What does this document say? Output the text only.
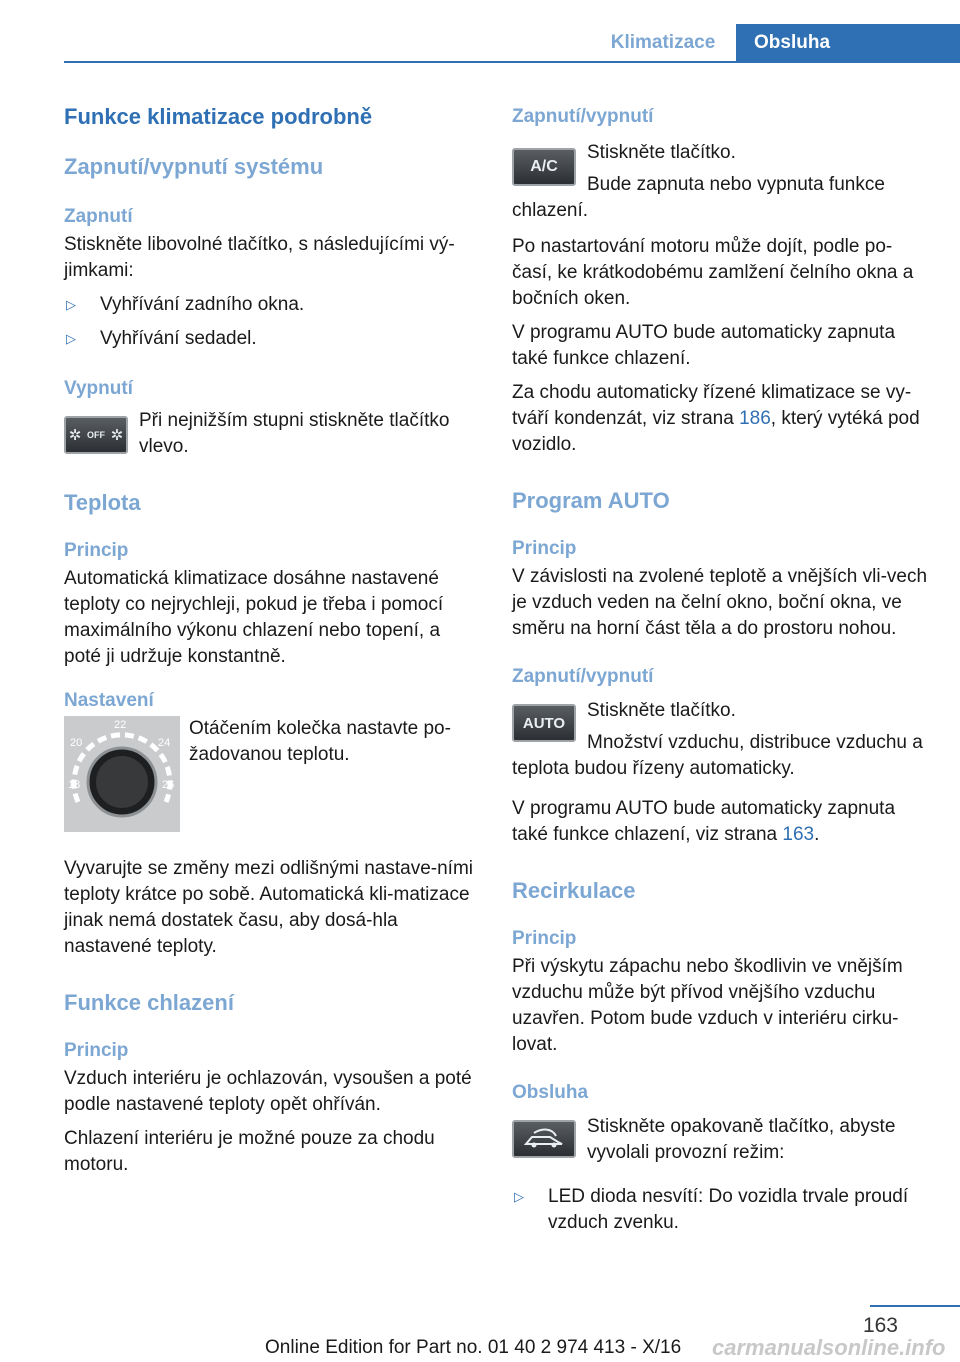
Klimatizace	Obsluha
Funkce klimatizace podrobně
Zapnutí/vypnutí systému
Zapnutí

Stiskněte libovolné tlačítko, s následujícími vý-jimkami:

▷	Vyhřívání zadního okna.
▷	Vyhřívání sedadel.
Vypnutí
✲ OFF ✲

Při nejnižším stupni stiskněte tlačítko vlevo.

Teplota
Princip

Automatická klimatizace dosáhne nastavené teploty co nejrychleji, pokud je třeba i pomocí maximálního výkonu chlazení nebo topení, a poté ji udržuje konstantně.

Nastavení
18
20
22
24
26

Otáčením kolečka nastavte po-žadovanou teplotu.

Vyvarujte se změny mezi odlišnými nastave-ními teploty krátce po sobě. Automatická kli-matizace jinak nemá dostatek času, aby dosá-hla nastavené teploty.

Funkce chlazení
Princip

Vzduch interiéru je ochlazován, vysoušen a poté podle nastavené teploty opět ohříván.

Chlazení interiéru je možné pouze za chodu motoru.

Zapnutí/vypnutí
A/C

Stiskněte tlačítko.

Bude zapnuta nebo vypnuta funkce chlazení.

Po nastartování motoru může dojít, podle po-časí, ke krátkodobému zamlžení čelního okna a bočních oken.

V programu AUTO bude automaticky zapnuta také funkce chlazení.

Za chodu automaticky řízené klimatizace se vy-tváří kondenzát, viz strana 186, který vytéká pod vozidlo.

Program AUTO
Princip

V závislosti na zvolené teplotě a vnějších vli-vech je vzduch veden na čelní okno, boční okna, ve směru na horní část těla a do prostoru nohou.

Zapnutí/vypnutí
AUTO

Stiskněte tlačítko.

Množství vzduchu, distribuce vzduchu a teplota budou řízeny automaticky.

V programu AUTO bude automaticky zapnuta také funkce chlazení, viz strana 163.

Recirkulace
Princip

Při výskytu zápachu nebo škodlivin ve vnějším vzduchu může být přívod vnějšího vzduchu uzavřen. Potom bude vzduch v interiéru cirku-lovat.

Obsluha

Stiskněte opakovaně tlačítko, abyste vyvolali provozní režim:

▷	LED dioda nesvítí: Do vozidla trvale proudí vzduch zvenku.
163
Online Edition for Part no. 01 40 2 974 413 - X/16 carmanualsonline.info
